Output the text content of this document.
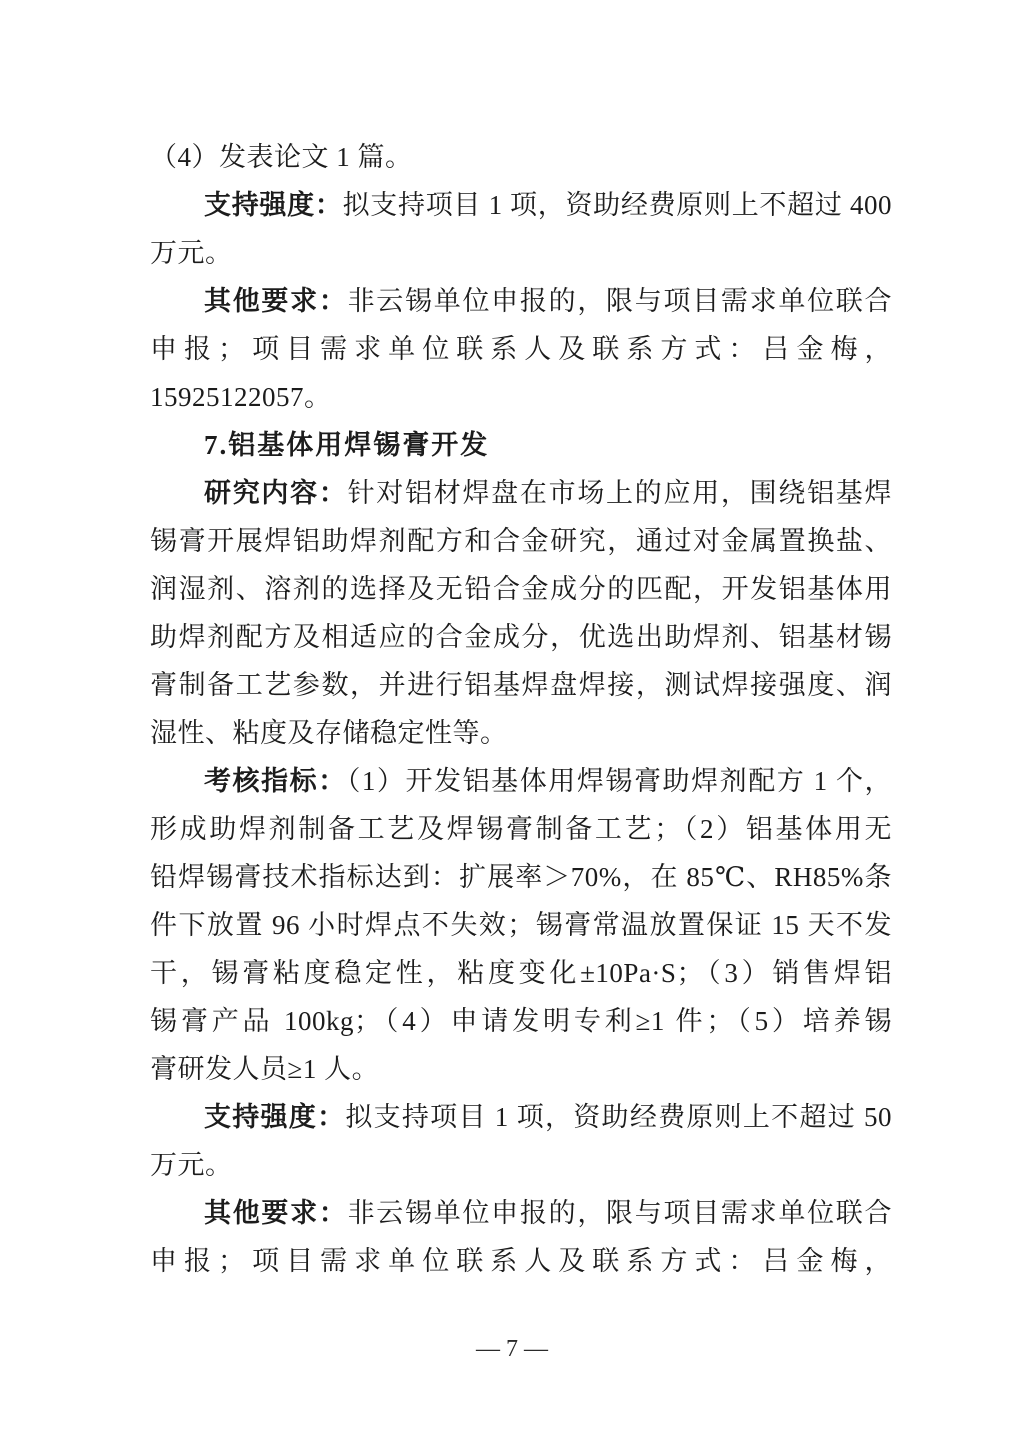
（4）发表论文 1 篇。
支持强度：拟支持项目 1 项，资助经费原则上不超过 400
万元。
其他要求：非云锡单位申报的，限与项目需求单位联合
申报；项目需求单位联系人及联系方式：吕金梅，
15925122057。
7.铝基体用焊锡膏开发
研究内容：针对铝材焊盘在市场上的应用，围绕铝基焊
锡膏开展焊铝助焊剂配方和合金研究，通过对金属置换盐、
润湿剂、溶剂的选择及无铅合金成分的匹配，开发铝基体用
助焊剂配方及相适应的合金成分，优选出助焊剂、铝基材锡
膏制备工艺参数，并进行铝基焊盘焊接，测试焊接强度、润
湿性、粘度及存储稳定性等。
考核指标：（1）开发铝基体用焊锡膏助焊剂配方 1 个，
形成助焊剂制备工艺及焊锡膏制备工艺；（2）铝基体用无
铅焊锡膏技术指标达到：扩展率＞70%，在 85℃、RH85%条
件下放置 96 小时焊点不失效；锡膏常温放置保证 15 天不发
干，锡膏粘度稳定性，粘度变化±10Pa·S；（3）销售焊铝
锡膏产品 100kg；（4）申请发明专利≥1 件；（5）培养锡
膏研发人员≥1 人。
支持强度：拟支持项目 1 项，资助经费原则上不超过 50
万元。
其他要求：非云锡单位申报的，限与项目需求单位联合
申报；项目需求单位联系人及联系方式：吕金梅，
— 7 —
